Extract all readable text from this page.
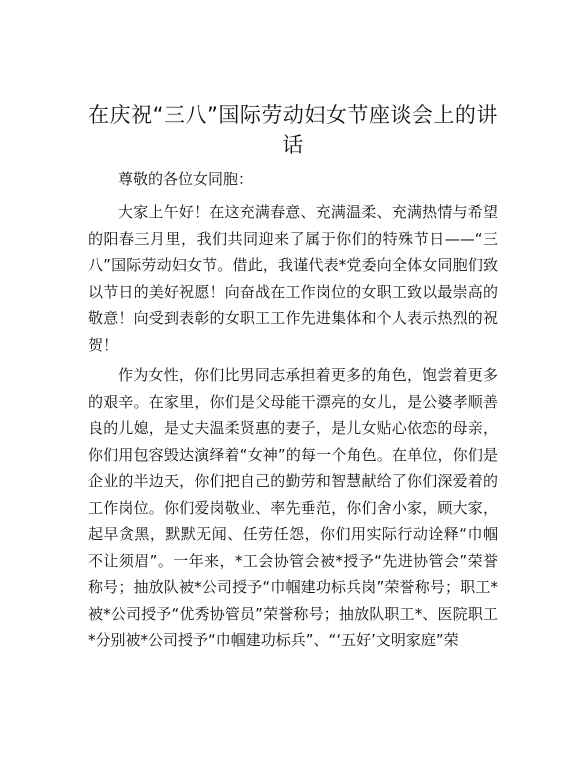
在庆祝“三八”国际劳动妇女节座谈会上的讲话
尊敬的各位女同胞：

大家上午好！在这充满春意、充满温柔、充满热情与希望的阳春三月里，我们共同迎来了属于你们的特殊节日——“三八”国际劳动妇女节。借此，我谨代表*党委向全体女同胞们致以节日的美好祝愿！向奋战在工作岗位的女职工致以最崇高的敬意！向受到表彰的女职工工作先进集体和个人表示热烈的祝贺！

作为女性，你们比男同志承担着更多的角色，饱尝着更多的艰辛。在家里，你们是父母能干漂亮的女儿，是公婆孝顺善良的儿媳，是丈夫温柔贤惠的妻子，是儿女贴心依恋的母亲，你们用包容毁达演绎着“女神”的每一个角色。在单位，你们是企业的半边天，你们把自己的勤劳和智慧献给了你们深爱着的工作岗位。你们爱岗敬业、率先垂范，你们舍小家，顾大家，起早贪黑，默默无闻、任劳任怨，你们用实际行动诠释“巾帼不让须眉”。一年来，*工会协管会被*授予“先进协管会”荣誉称号；抽放队被*公司授予“巾帼建功标兵岗”荣誉称号；职工*被*公司授予“优秀协管员”荣誉称号；抽放队职工*、医院职工*分别被*公司授予“巾帼建功标兵”、“‘五好’文明家庭”荣
